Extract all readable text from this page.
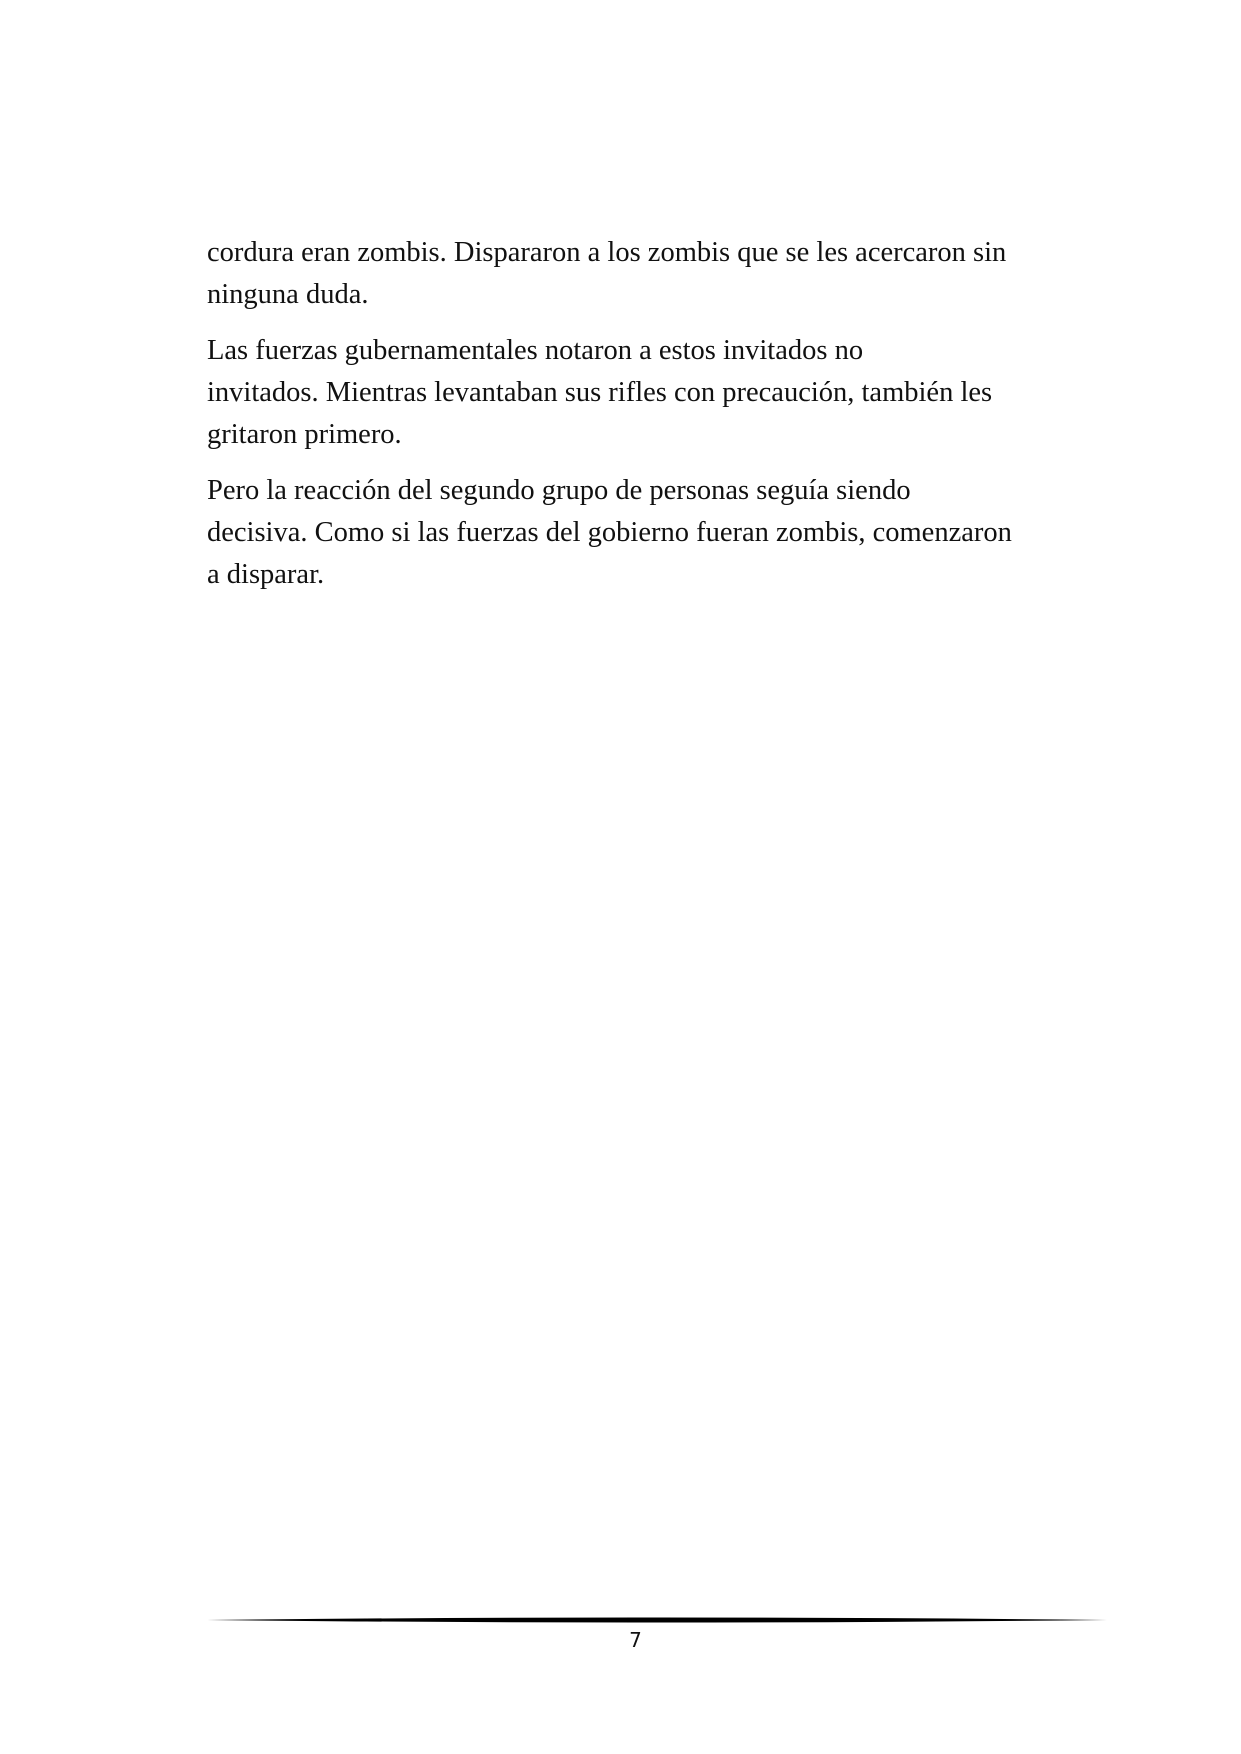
cordura eran zombis. Dispararon a los zombis que se les acercaron sin
ninguna duda.

Las fuerzas gubernamentales notaron a estos invitados no
invitados. Mientras levantaban sus rifles con precaución, también les
gritaron primero.

Pero la reacción del segundo grupo de personas seguía siendo
decisiva. Como si las fuerzas del gobierno fueran zombis, comenzaron
a disparar.

7
